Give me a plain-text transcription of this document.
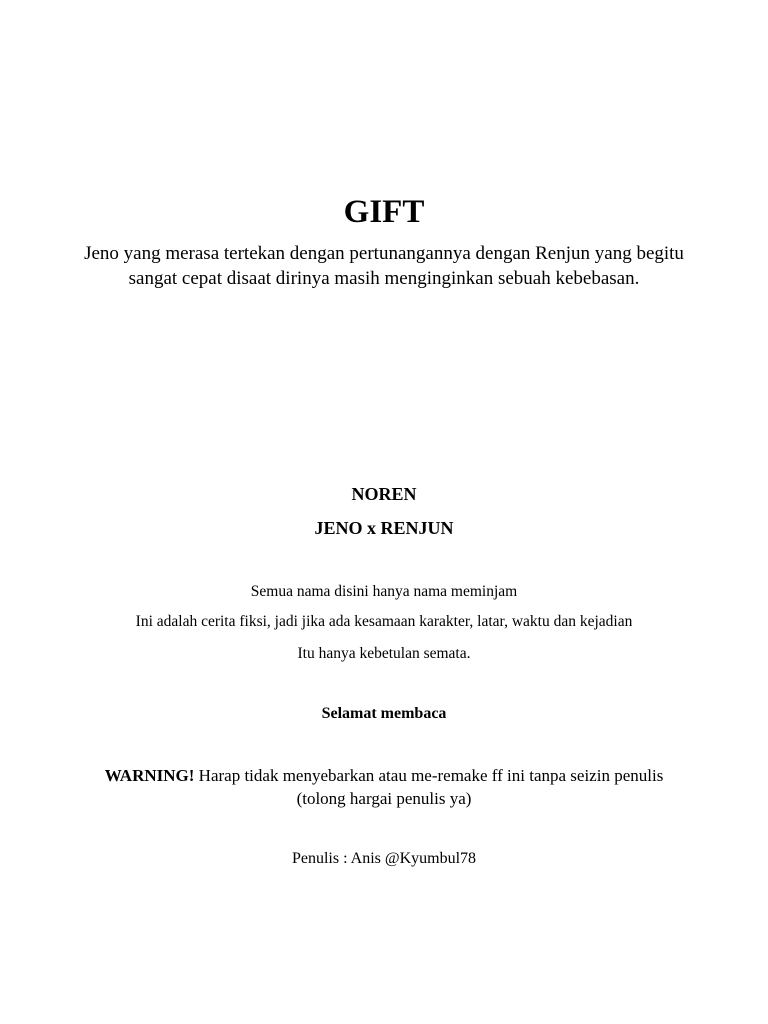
GIFT

Jeno yang merasa tertekan dengan pertunangannya dengan Renjun yang begitu sangat cepat disaat dirinya masih menginginkan sebuah kebebasan.

NOREN

JENO x RENJUN

Semua nama disini hanya nama meminjam

Ini adalah cerita fiksi, jadi jika ada kesamaan karakter, latar, waktu dan kejadian

Itu hanya kebetulan semata.

Selamat membaca

WARNING! Harap tidak menyebarkan atau me-remake ff ini tanpa seizin penulis (tolong hargai penulis ya)

Penulis : Anis @Kyumbul78
